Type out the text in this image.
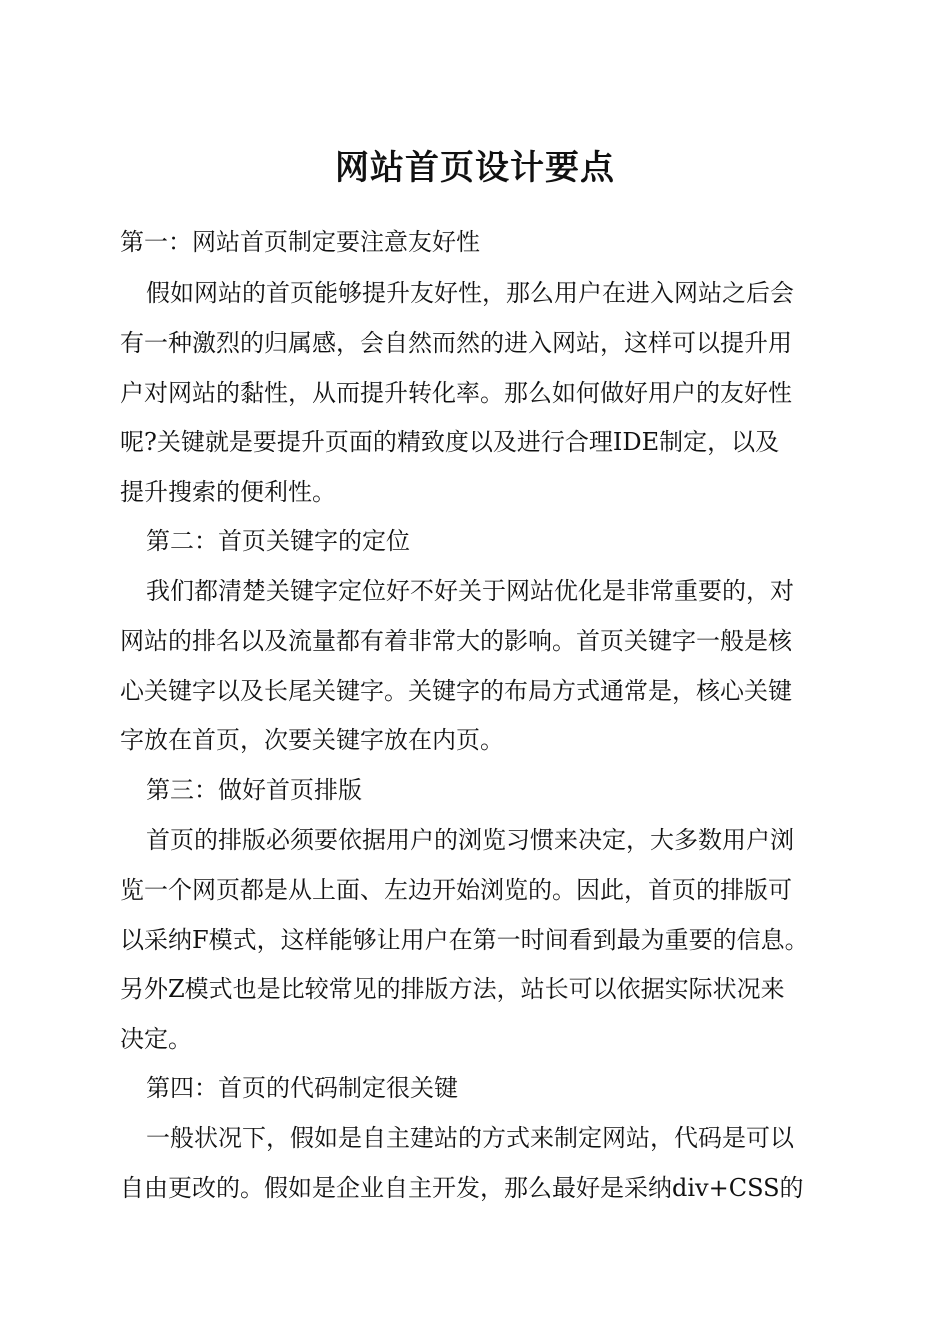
网站首页设计要点

第一：网站首页制定要注意友好性

假如网站的首页能够提升友好性，那么用户在进入网站之后会

有一种激烈的归属感，会自然而然的进入网站，这样可以提升用

户对网站的黏性，从而提升转化率。那么如何做好用户的友好性

呢?关键就是要提升页面的精致度以及进行合理IDE制定，以及

提升搜索的便利性。

第二：首页关键字的定位

我们都清楚关键字定位好不好关于网站优化是非常重要的，对

网站的排名以及流量都有着非常大的影响。首页关键字一般是核

心关键字以及长尾关键字。关键字的布局方式通常是，核心关键

字放在首页，次要关键字放在内页。

第三：做好首页排版

首页的排版必须要依据用户的浏览习惯来决定，大多数用户浏

览一个网页都是从上面、左边开始浏览的。因此，首页的排版可

以采纳F模式，这样能够让用户在第一时间看到最为重要的信息。

另外Z模式也是比较常见的排版方法，站长可以依据实际状况来

决定。

第四：首页的代码制定很关键

一般状况下，假如是自主建站的方式来制定网站，代码是可以

自由更改的。假如是企业自主开发，那么最好是采纳div+CSS的
